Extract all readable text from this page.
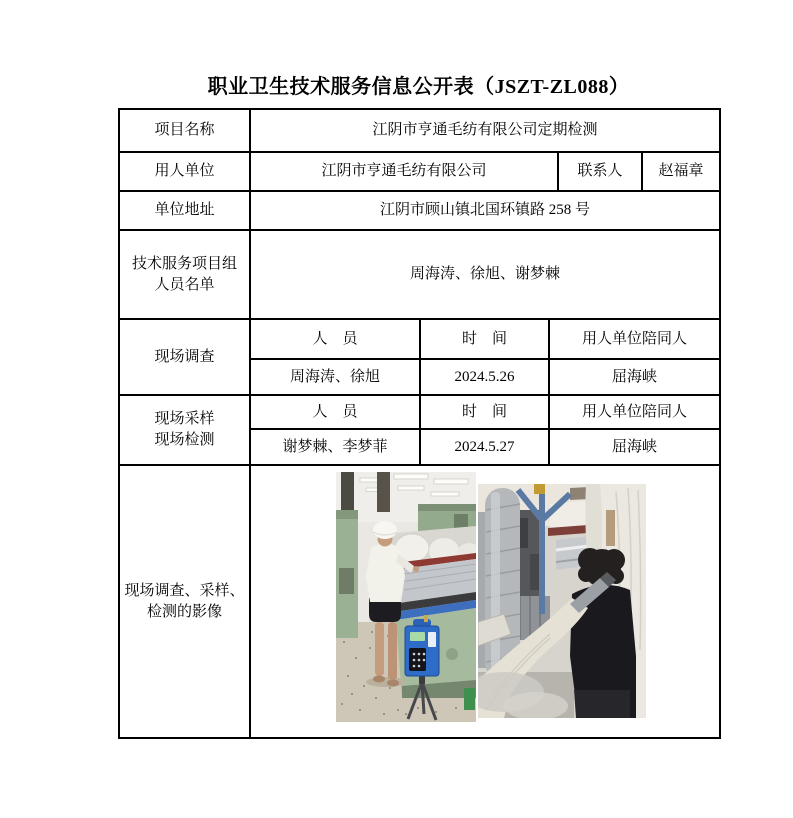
职业卫生技术服务信息公开表（JSZT-ZL088）
项目名称	江阴市亨通毛纺有限公司定期检测				
用人单位	江阴市亨通毛纺有限公司			联系人	赵福章
单位地址	江阴市顾山镇北国环镇路 258 号				

技术服务项目组
人员名单	周海涛、徐旭、谢梦棘				
现场调查	人　员	时　间	用人单位陪同人		
	周海涛、徐旭	2024.5.26	屈海峡		

现场采样
现场检测	人　员	时　间	用人单位陪同人		
	谢梦棘、李梦菲	2024.5.27	屈海峡		

现场调查、采样、
检测的影像
